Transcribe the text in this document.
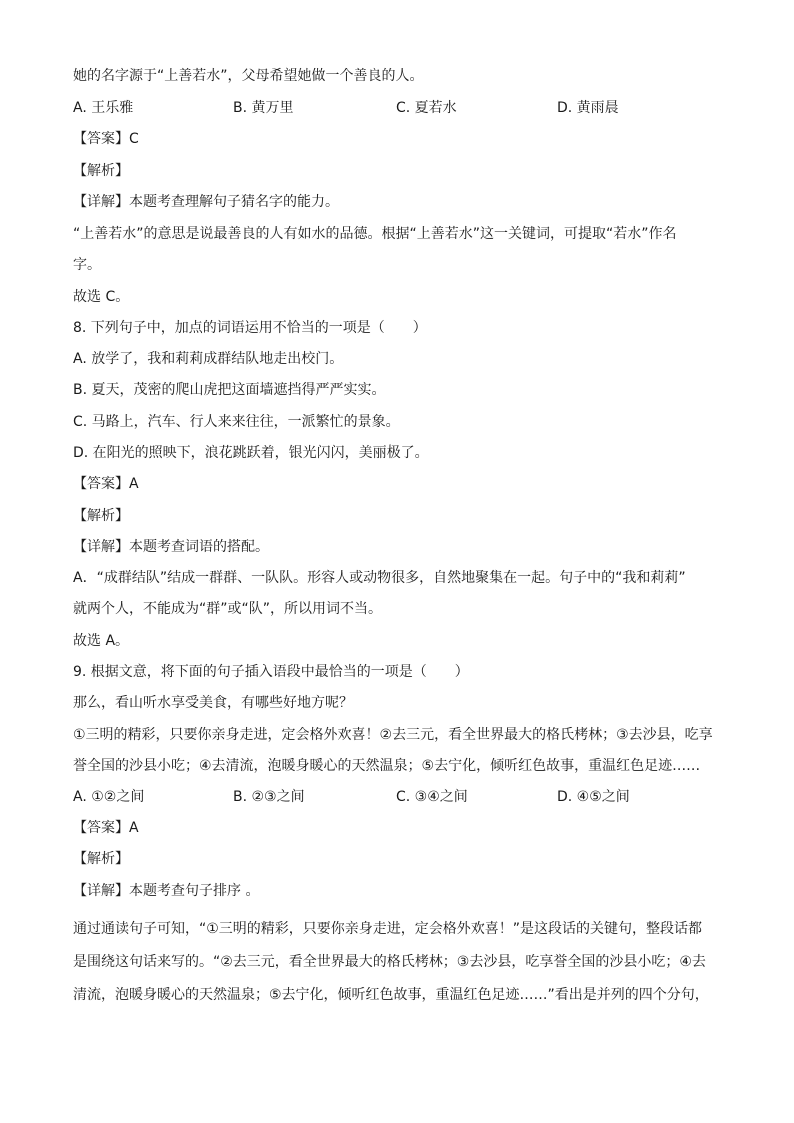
她的名字源于“上善若水”，父母希望她做一个善良的人。
A. 王乐雅	B. 黄万里	C. 夏若水	D. 黄雨晨
【答案】C
【解析】
【详解】本题考查理解句子猜名字的能力。
“上善若水”的意思是说最善良的人有如水的品德。根据“上善若水”这一关键词，可提取“若水”作名
字。
故选 C。
8. 下列句子中，加点的词语运用不恰当的一项是（　　）
A. 放学了，我和莉莉成群结队地走出校门。
B. 夏天，茂密的爬山虎把这面墙遮挡得严严实实。
C. 马路上，汽车、行人来来往往，一派繁忙的景象。
D. 在阳光的照映下，浪花跳跃着，银光闪闪，美丽极了。
【答案】A
【解析】
【详解】本题考查词语的搭配。
A．“成群结队”结成一群群、一队队。形容人或动物很多，自然地聚集在一起。句子中的“我和莉莉”
就两个人，不能成为“群”或“队”，所以用词不当。
故选 A。
9. 根据文意，将下面的句子插入语段中最恰当的一项是（　　）
那么，看山听水享受美食，有哪些好地方呢？
①三明的精彩，只要你亲身走进，定会格外欢喜！②去三元，看全世界最大的格氏栲林；③去沙县，吃享
誉全国的沙县小吃；④去清流，泡暖身暖心的天然温泉；⑤去宁化，倾听红色故事，重温红色足迹……
A. ①②之间	B. ②③之间	C. ③④之间	D. ④⑤之间
【答案】A
【解析】
【详解】本题考查句子排序 。
通过通读句子可知，“①三明的精彩，只要你亲身走进，定会格外欢喜！”是这段话的关键句，整段话都
是围绕这句话来写的。“②去三元，看全世界最大的格氏栲林；③去沙县，吃享誉全国的沙县小吃；④去
清流，泡暖身暖心的天然温泉；⑤去宁化，倾听红色故事，重温红色足迹……”看出是并列的四个分句，
